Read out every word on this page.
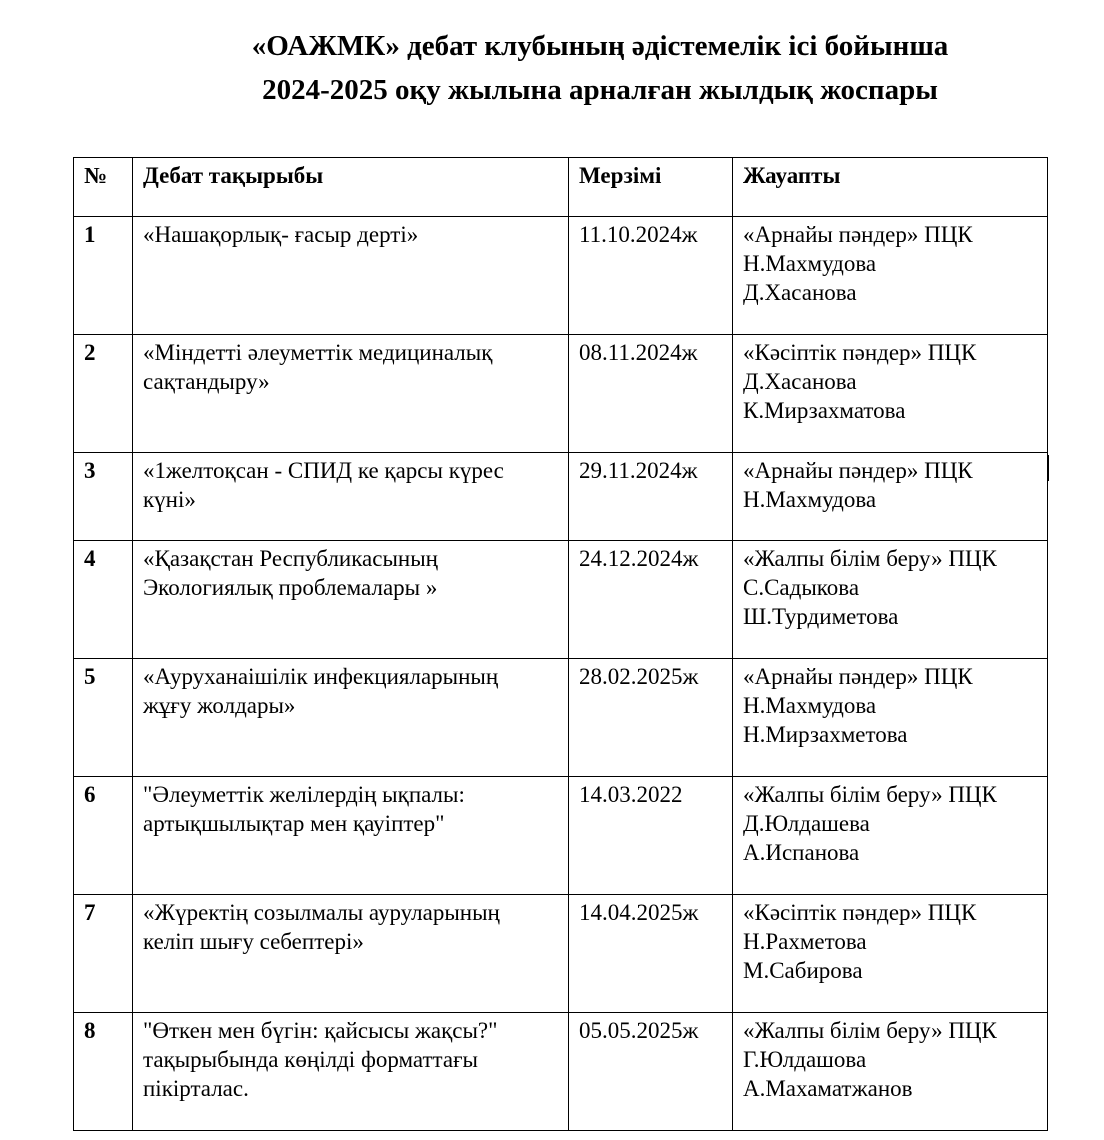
«ОАЖМК» дебат клубының әдістемелік ісі бойынша
2024-2025 оқу жылына арналған жылдық жоспары
№	Дебат тақырыбы	Мерзімі	Жауапты
1	«Нашақорлық- ғасыр дерті»	11.10.2024ж	«Арнайы пәндер» ПЦК
Н.Махмудова
Д.Хасанова

2	«Міндетті әлеуметтік медициналық
сақтандыру»	08.11.2024ж	«Кәсіптік пәндер» ПЦК
Д.Хасанова
К.Мирзахматова

3	«1желтоқсан - СПИД ке қарсы күрес
күні»	29.11.2024ж	«Арнайы пәндер» ПЦК
Н.Махмудова

4	«Қазақстан Республикасының
Экологиялық проблемалары »	24.12.2024ж	«Жалпы білім беру» ПЦК
С.Садыкова
Ш.Турдиметова

5	«Ауруханаішілік инфекцияларының
жұғу жолдары»	28.02.2025ж	«Арнайы пәндер» ПЦК
Н.Махмудова
Н.Мирзахметова

6	"Әлеуметтік желілердің ықпалы:
артықшылықтар мен қауіптер"	14.03.2022	«Жалпы білім беру» ПЦК
Д.Юлдашева
А.Испанова

7	«Жүректің созылмалы ауруларының
келіп шығу себептері»	14.04.2025ж	«Кәсіптік пәндер» ПЦК
Н.Рахметова
М.Сабирова

8	"Өткен мен бүгін: қайсысы жақсы?"
тақырыбында көңілді форматтағы
пікірталас.	05.05.2025ж	«Жалпы білім беру» ПЦК
Г.Юлдашова
А.Махаматжанов
